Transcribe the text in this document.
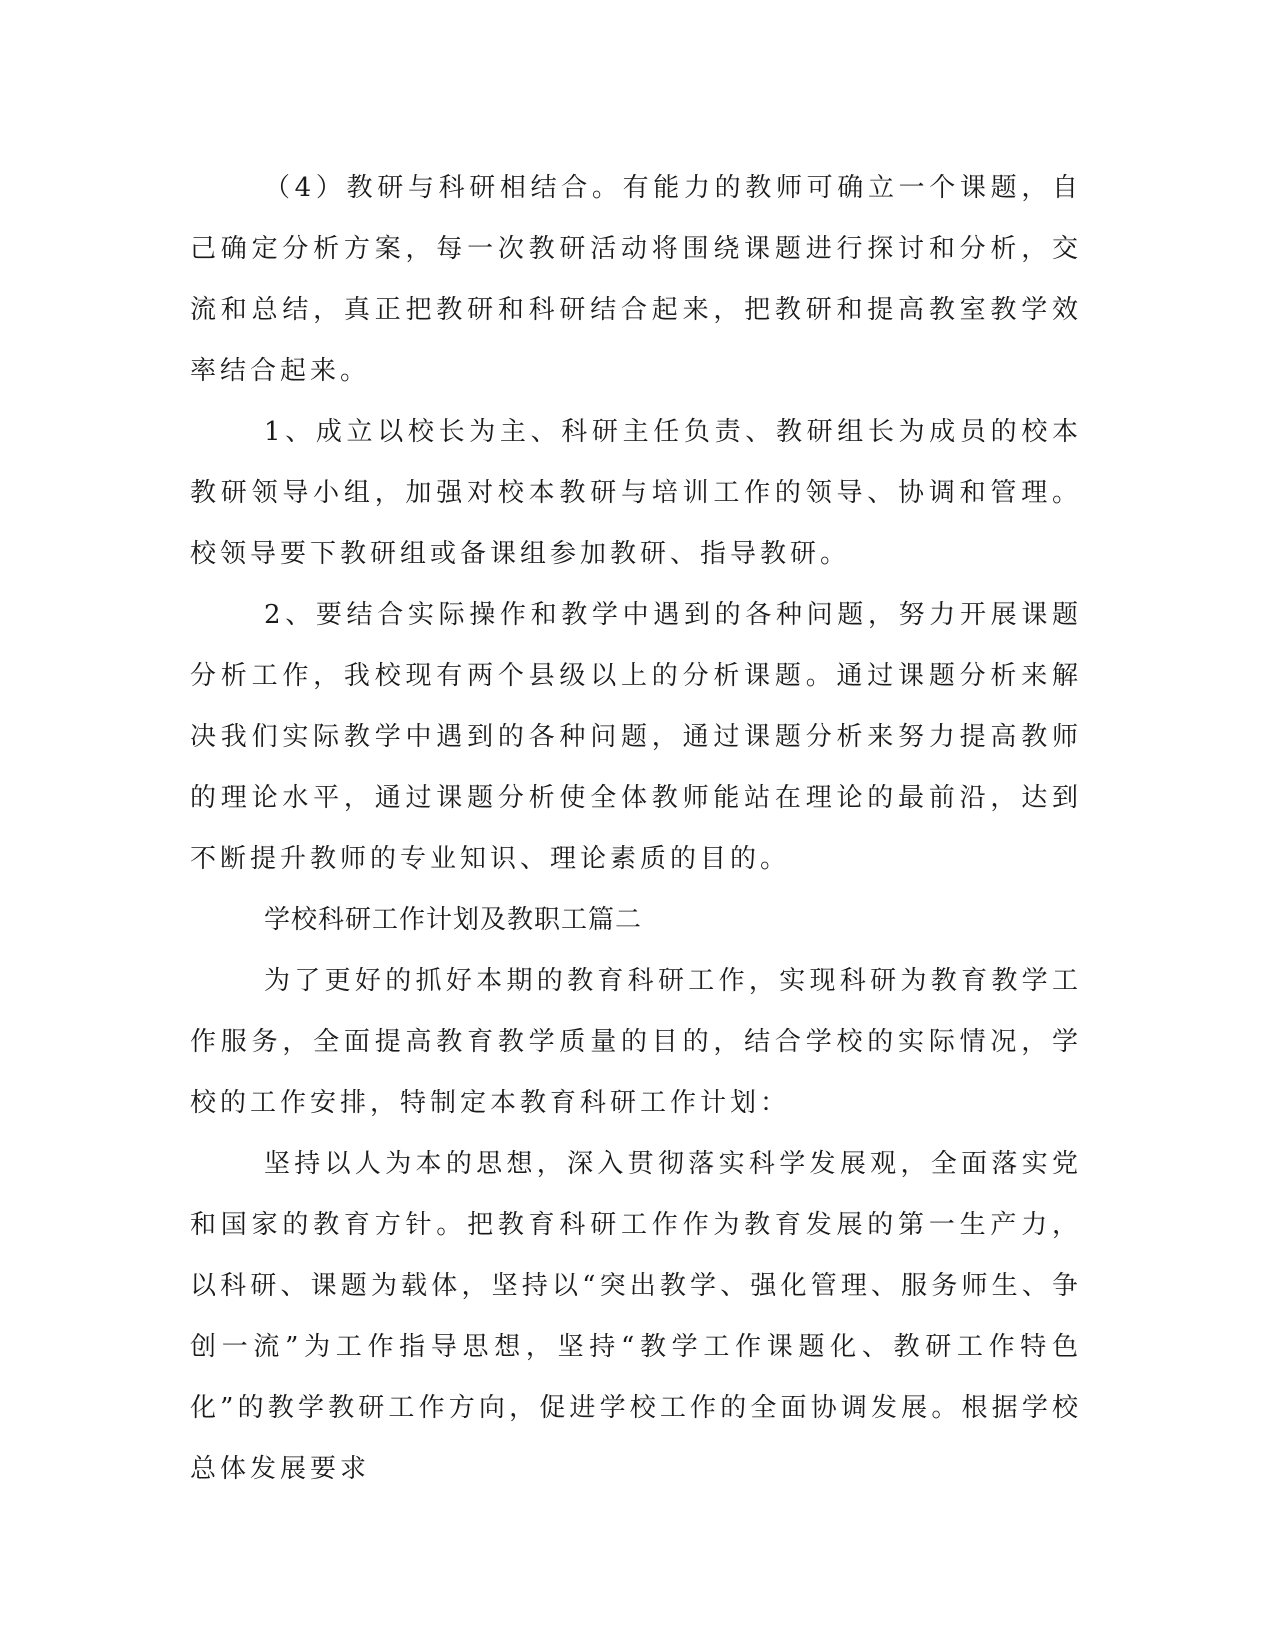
（4）教研与科研相结合。有能力的教师可确立一个课题，自己确定分析方案，每一次教研活动将围绕课题进行探讨和分析，交流和总结，真正把教研和科研结合起来，把教研和提高教室教学效率结合起来。

1、成立以校长为主、科研主任负责、教研组长为成员的校本教研领导小组，加强对校本教研与培训工作的领导、协调和管理。校领导要下教研组或备课组参加教研、指导教研。

2、要结合实际操作和教学中遇到的各种问题，努力开展课题分析工作，我校现有两个县级以上的分析课题。通过课题分析来解决我们实际教学中遇到的各种问题，通过课题分析来努力提高教师的理论水平，通过课题分析使全体教师能站在理论的最前沿，达到不断提升教师的专业知识、理论素质的目的。

学校科研工作计划及教职工篇二

为了更好的抓好本期的教育科研工作，实现科研为教育教学工作服务，全面提高教育教学质量的目的，结合学校的实际情况，学校的工作安排，特制定本教育科研工作计划：

坚持以人为本的思想，深入贯彻落实科学发展观，全面落实党和国家的教育方针。把教育科研工作作为教育发展的第一生产力，以科研、课题为载体，坚持以“突出教学、强化管理、服务师生、争创一流”为工作指导思想，坚持“教学工作课题化、教研工作特色化”的教学教研工作方向，促进学校工作的全面协调发展。根据学校总体发展要求
